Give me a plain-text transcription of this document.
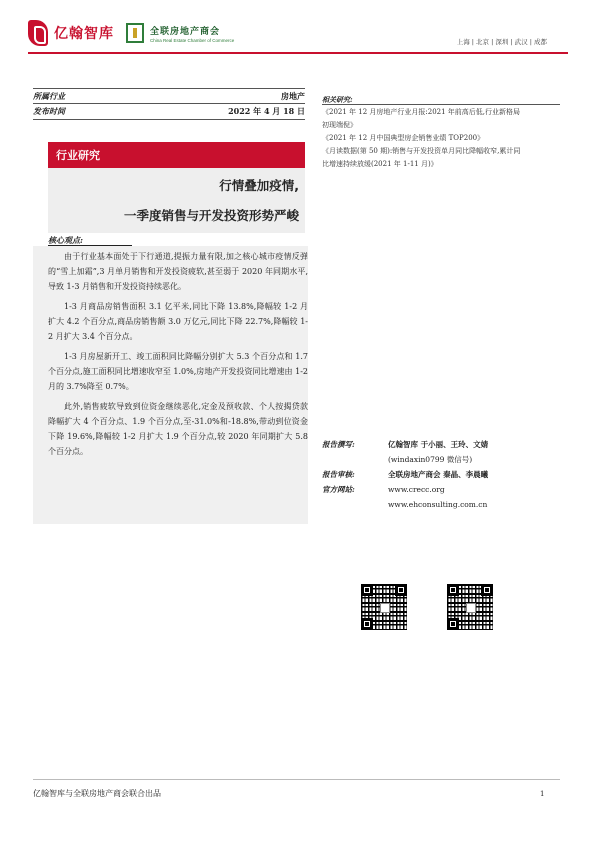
亿翰智库	全联房地产商会
China Real Estate Chamber of Commerce	上海 | 北京 | 深圳 | 武汉 | 成都
所属行业	房地产
发布时间	2022 年 4 月 18 日
行业研究
行情叠加疫情,
一季度销售与开发投资形势严峻
核心观点:

由于行业基本面处于下行通道,提振力量有限,加之核心城市疫情反弹的“雪上加霜”,3 月单月销售和开发投资疲软,甚至弱于 2020 年同期水平,导致 1-3 月销售和开发投资持续恶化。

1-3 月商品房销售面积 3.1 亿平米,同比下降 13.8%,降幅较 1-2 月扩大 4.2 个百分点,商品房销售额 3.0 万亿元,同比下降 22.7%,降幅较 1-2 月扩大 3.4 个百分点。

1-3 月房屋新开工、竣工面积同比降幅分别扩大 5.3 个百分点和 1.7 个百分点,施工面积同比增速收窄至 1.0%,房地产开发投资同比增速由 1-2 月的 3.7%降至 0.7%。

此外,销售疲软导致到位资金继续恶化,定金及预收款、个人按揭贷款降幅扩大 4 个百分点、1.9 个百分点,至-31.0%和-18.8%,带动到位资金下降 19.6%,降幅较 1-2 月扩大 1.9 个百分点,较 2020 年同期扩大 5.8 个百分点。

相关研究:
《2021 年 12 月房地产行业月报:2021 年前高后低,行业新格局初现端倪》
《2021 年 12 月中国典型房企销售业绩 TOP200》
《月读数据(第 50 期):销售与开发投资单月同比降幅收窄,累计同比增速持续放缓(2021 年 1-11 月)》
报告撰写:	亿翰智库 于小丽、王玲、文婧
(windaxin0799 微信号)
报告审核:	全联房地产商会 秦晶、李晨曦
官方网站:	www.crecc.org
www.ehconsulting.com.cn
亿翰智库与全联房地产商会联合出品	1
